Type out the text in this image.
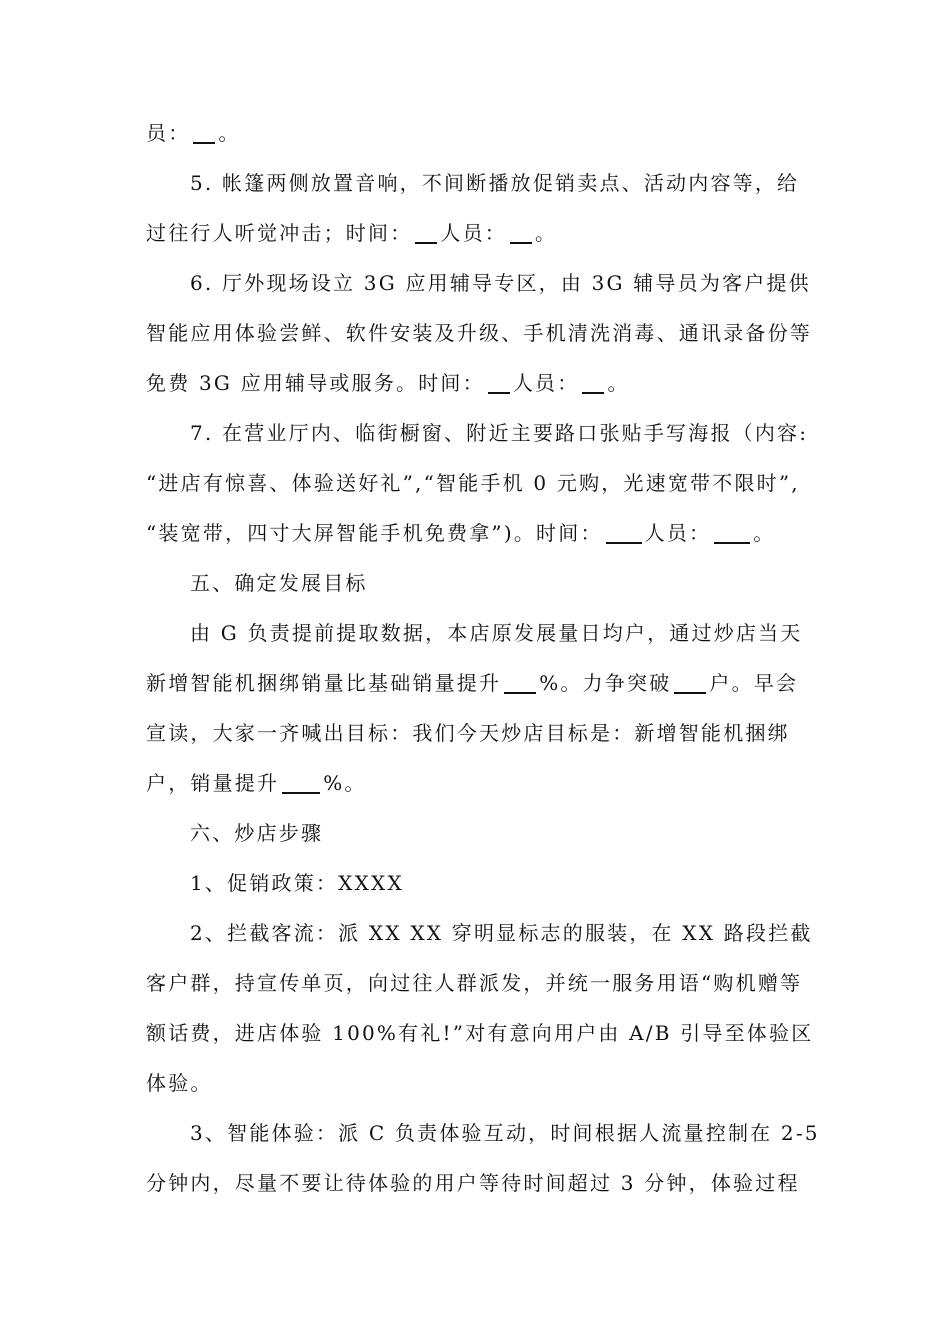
员： 。
5. 帐篷两侧放置音响，不间断播放促销卖点、活动内容等，给
过往行人听觉冲击；时间： 人员： 。
6. 厅外现场设立 3G 应用辅导专区，由 3G 辅导员为客户提供
智能应用体验尝鲜、软件安装及升级、手机清洗消毒、通讯录备份等
免费 3G 应用辅导或服务。时间： 人员： 。
7. 在营业厅内、临街橱窗、附近主要路口张贴手写海报（内容:
“进店有惊喜、体验送好礼”,“智能手机 0 元购，光速宽带不限时”,
“装宽带，四寸大屏智能手机免费拿”)。时间： 人员： 。
五、确定发展目标
由 G 负责提前提取数据，本店原发展量日均户，通过炒店当天
新增智能机捆绑销量比基础销量提升 %。力争突破 户。早会
宣读，大家一齐喊出目标：我们今天炒店目标是：新增智能机捆绑
户，销量提升 %。
六、炒店步骤
1、促销政策：XXXX
2、拦截客流：派 XX XX 穿明显标志的服装，在 XX 路段拦截
客户群，持宣传单页，向过往人群派发，并统一服务用语“购机赠等
额话费，进店体验 100%有礼!”对有意向用户由 A/B 引导至体验区
体验。
3、智能体验：派 C 负责体验互动，时间根据人流量控制在 2-5
分钟内，尽量不要让待体验的用户等待时间超过 3 分钟，体验过程
